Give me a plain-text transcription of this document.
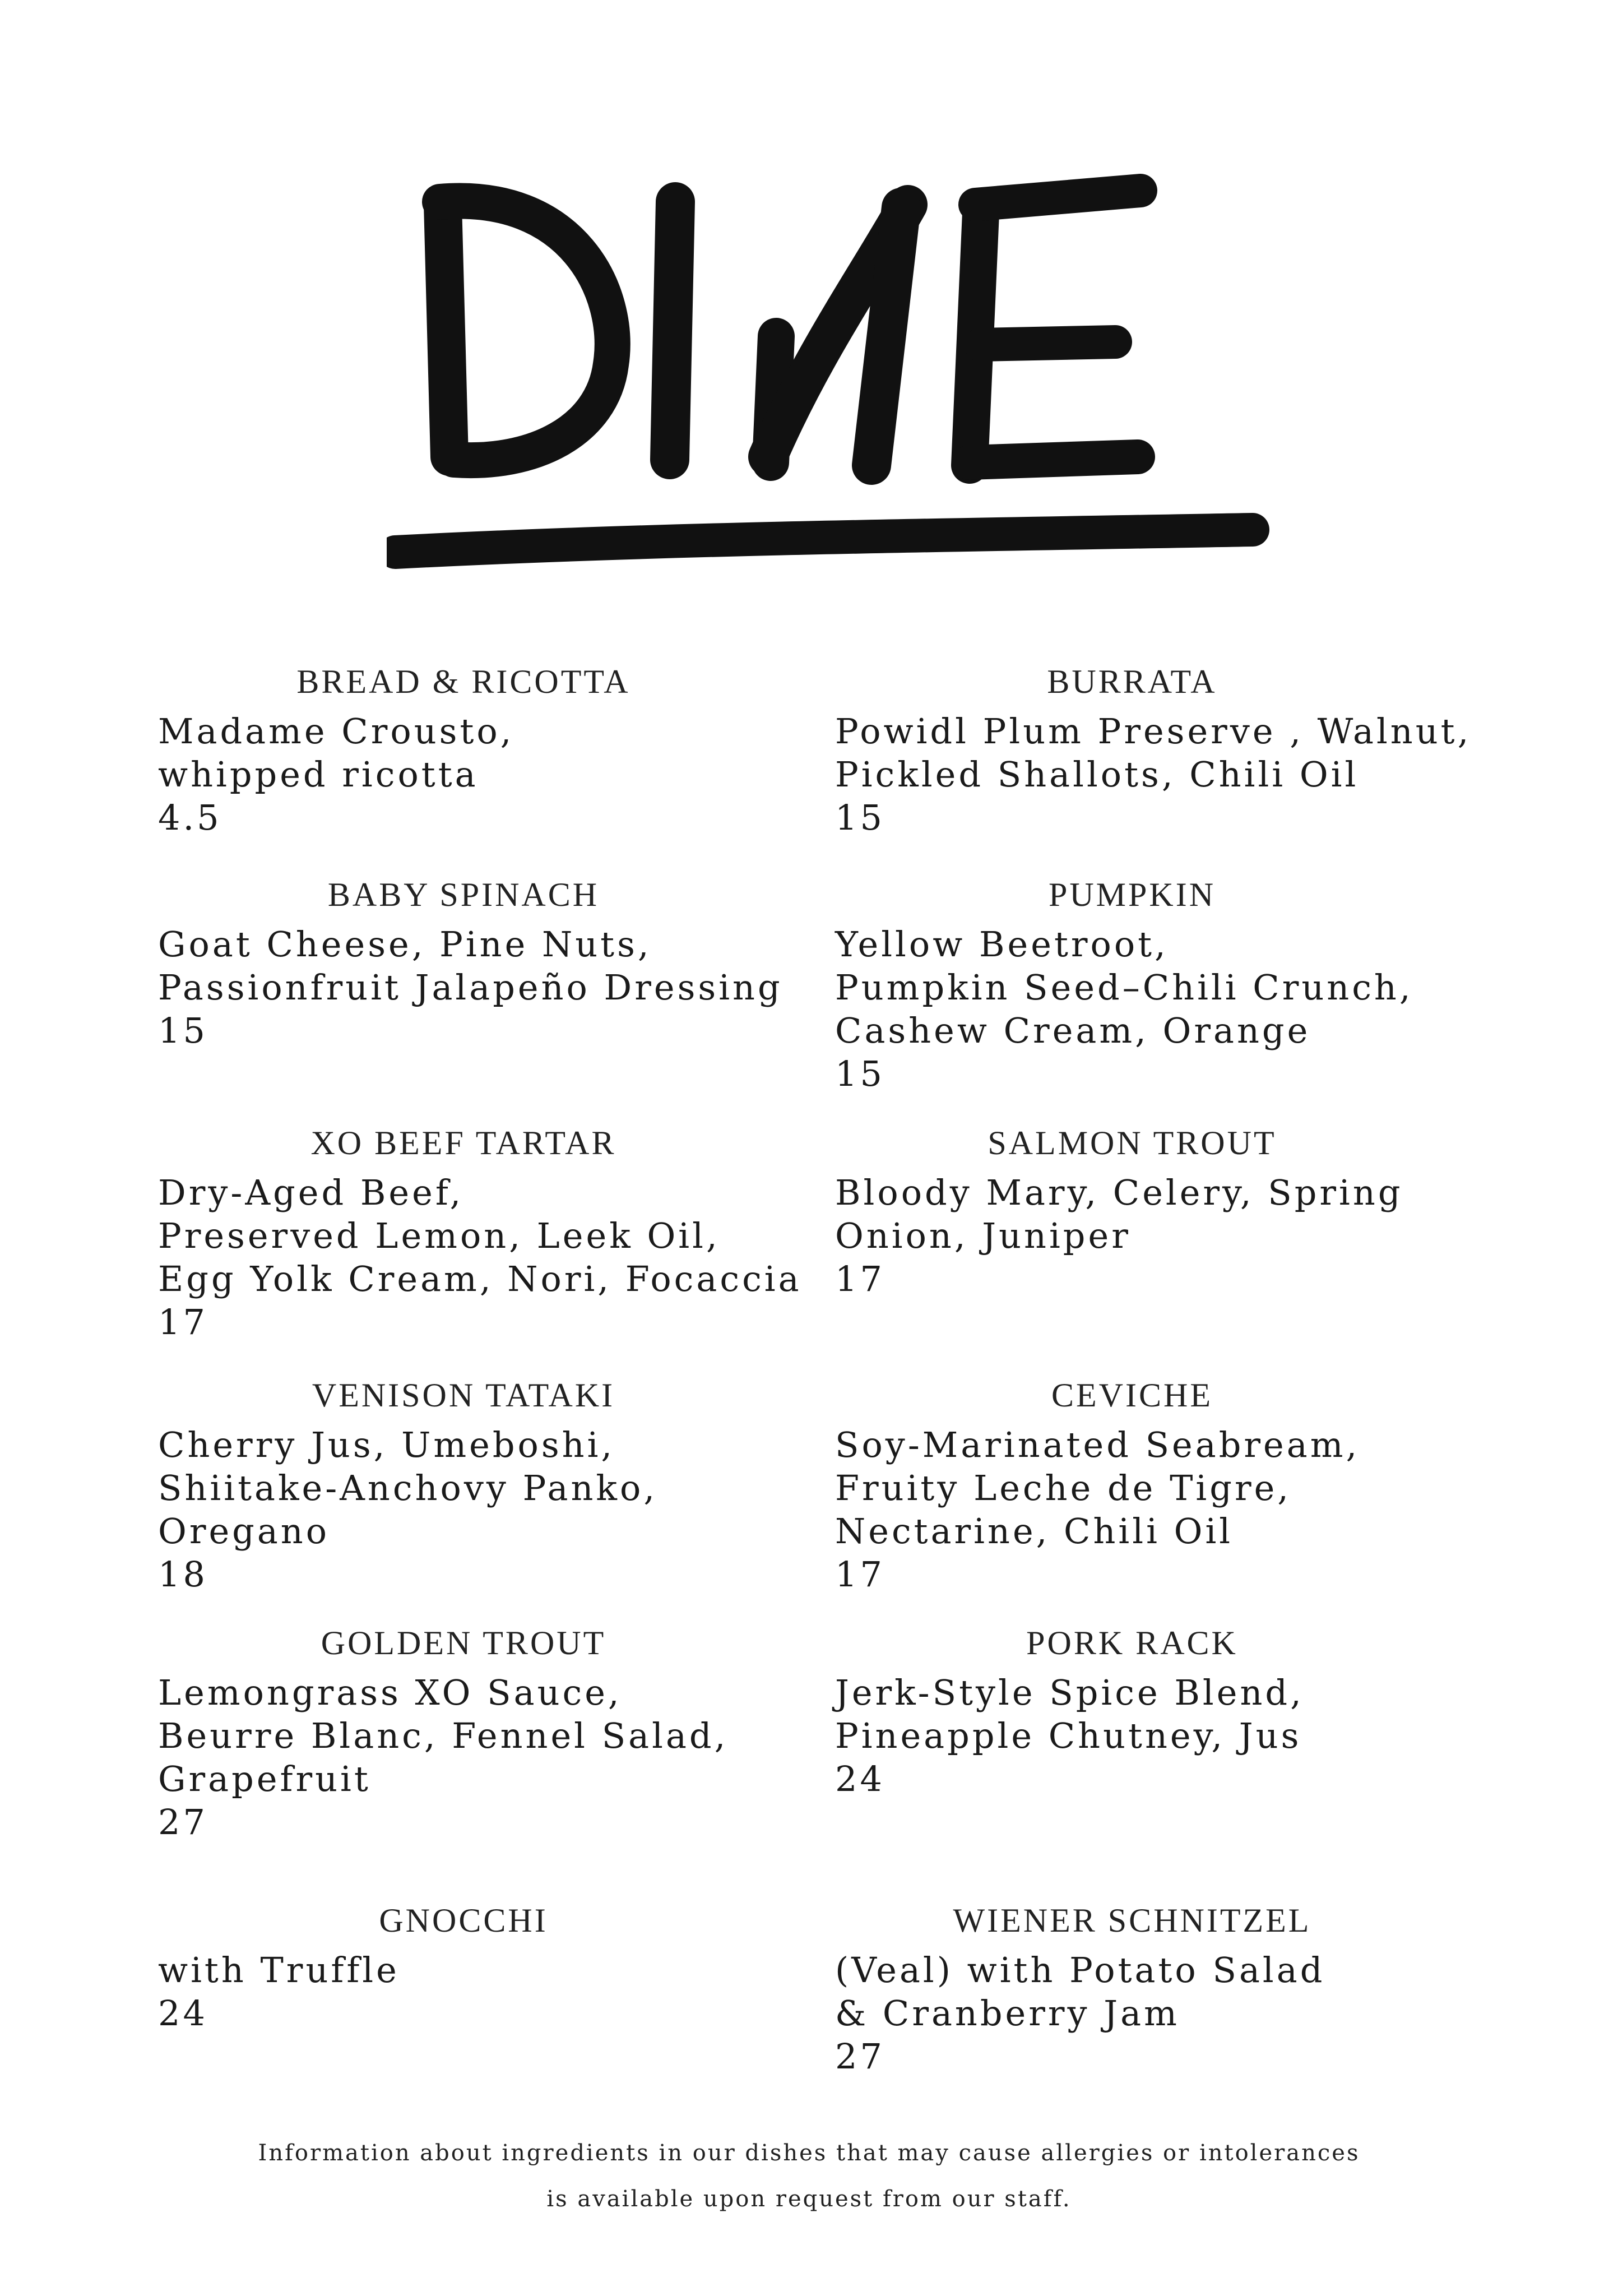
BREAD & RICOTTA
Madame Crousto,
whipped ricotta
4.5
BABY SPINACH
Goat Cheese, Pine Nuts,
Passionfruit Jalapeño Dressing
15
XO BEEF TARTAR
Dry-Aged Beef,
Preserved Lemon, Leek Oil,
Egg Yolk Cream, Nori, Focaccia
17
VENISON TATAKI
Cherry Jus, Umeboshi,
Shiitake-Anchovy Panko,
Oregano
18
GOLDEN TROUT
Lemongrass XO Sauce,
Beurre Blanc, Fennel Salad,
Grapefruit
27
GNOCCHI
with Truffle
24
BURRATA
Powidl Plum Preserve , Walnut,
Pickled Shallots, Chili Oil
15
PUMPKIN
Yellow Beetroot,
Pumpkin Seed–Chili Crunch,
Cashew Cream, Orange
15
SALMON TROUT
Bloody Mary, Celery, Spring
Onion, Juniper
17
CEVICHE
Soy-Marinated Seabream,
Fruity Leche de Tigre,
Nectarine, Chili Oil
17
PORK RACK
Jerk-Style Spice Blend,
Pineapple Chutney, Jus
24
WIENER SCHNITZEL
(Veal) with Potato Salad
& Cranberry Jam
27
Information about ingredients in our dishes that may cause allergies or intolerances
is available upon request from our staff.
